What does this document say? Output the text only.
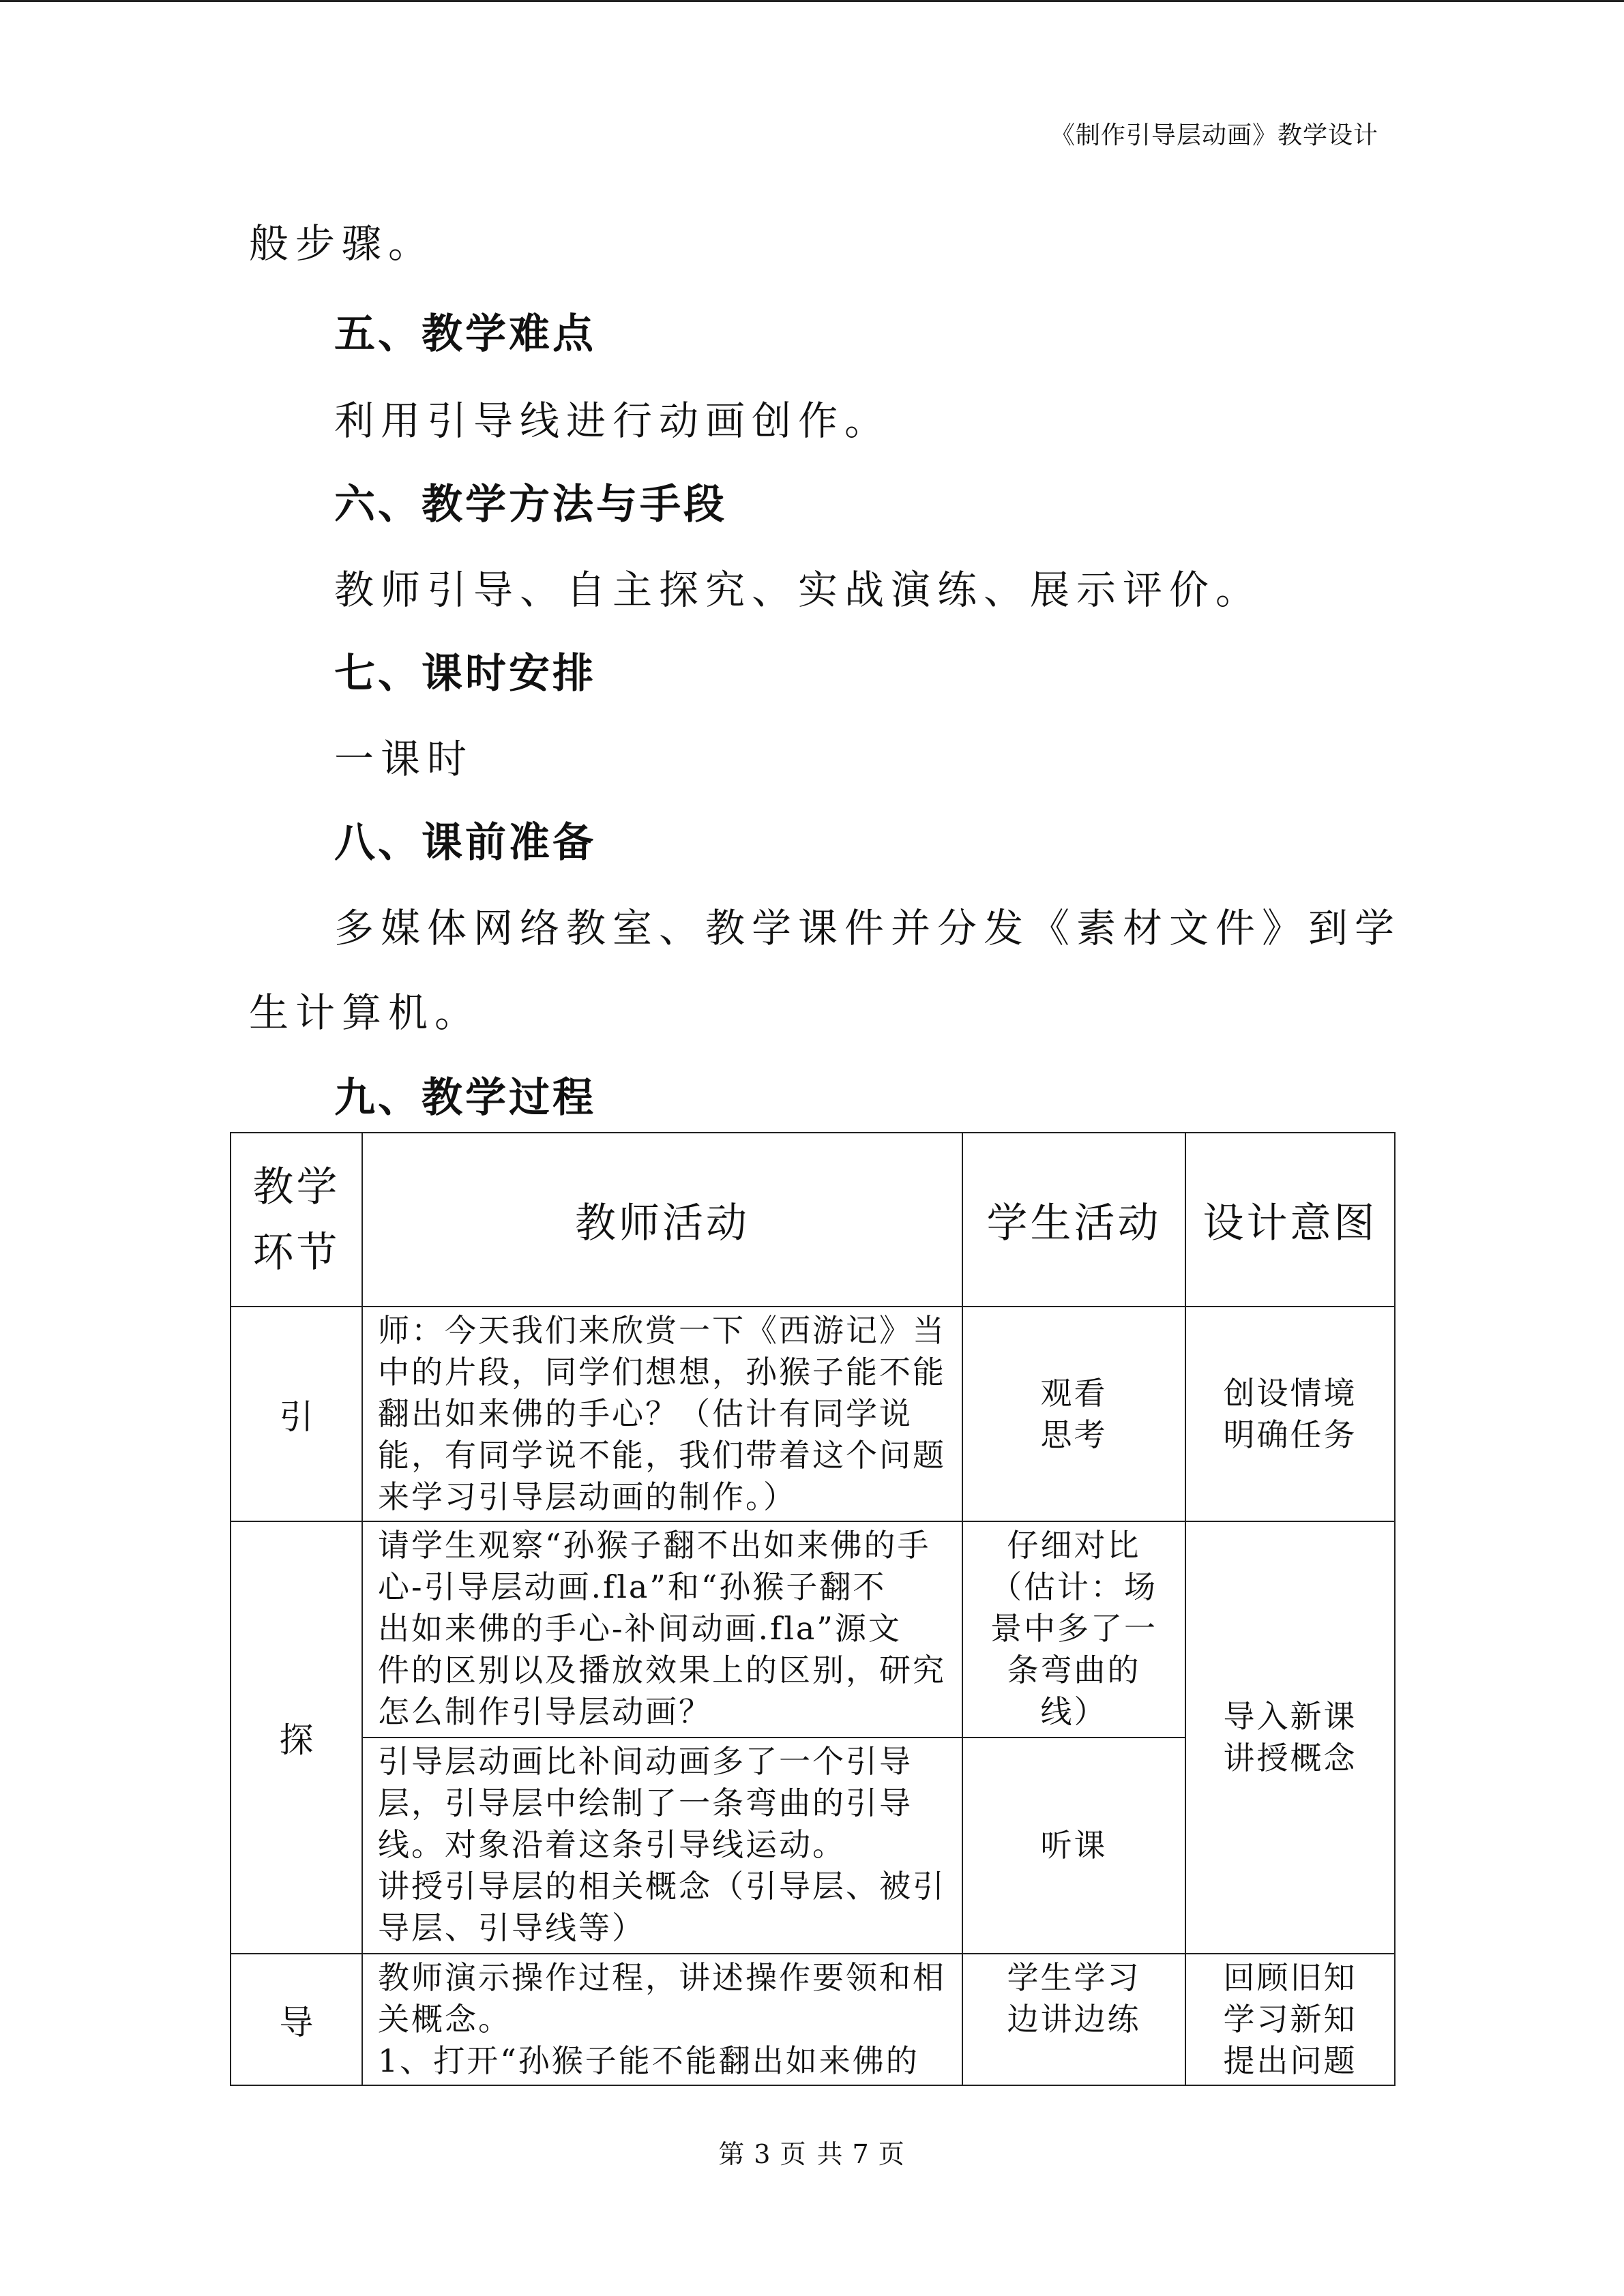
《制作引导层动画》教学设计
般步骤。
五、教学难点
利用引导线进行动画创作。
六、教学方法与手段
教师引导、自主探究、实战演练、展示评价。
七、课时安排
一课时
八、课前准备
多媒体网络教室、教学课件并分发《素材文件》到学
生计算机。
九、教学过程
教学
环节	教师活动	学生活动	设计意图
引	师：今天我们来欣赏一下《西游记》当
中的片段，同学们想想，孙猴子能不能
翻出如来佛的手心？（估计有同学说
能，有同学说不能，我们带着这个问题
来学习引导层动画的制作。）	观看
思考	创设情境
明确任务

探	请学生观察“孙猴子翻不出如来佛的手
心-引导层动画.fla”和“孙猴子翻不
出如来佛的手心-补间动画.fla”源文
件的区别以及播放效果上的区别，研究
怎么制作引导层动画？	仔细对比
（估计：场
景中多了一
条弯曲的
线）	导入新课
讲授概念

	引导层动画比补间动画多了一个引导
层，引导层中绘制了一条弯曲的引导
线。对象沿着这条引导线运动。
讲授引导层的相关概念（引导层、被引
导层、引导线等）	听课	

导	教师演示操作过程，讲述操作要领和相
关概念。
1、打开“孙猴子能不能翻出如来佛的	学生学习
边讲边练	回顾旧知
学习新知
提出问题
第 3 页 共 7 页
